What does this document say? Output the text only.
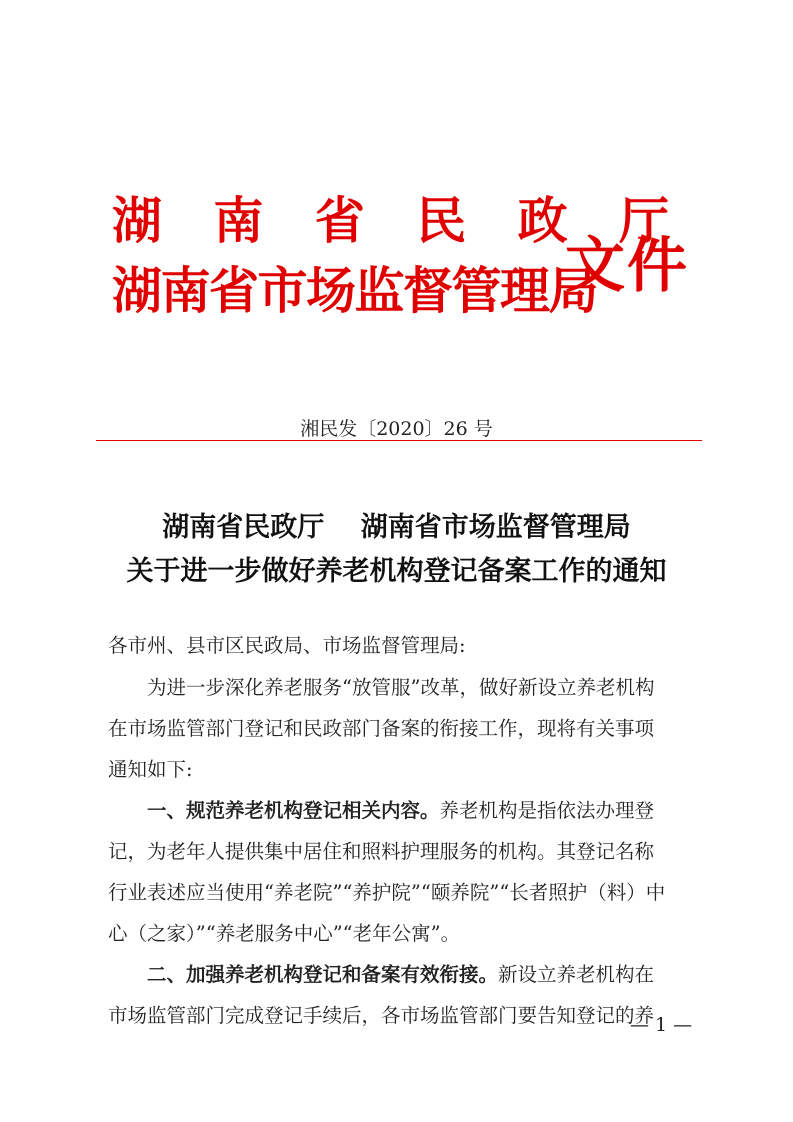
湖 南 省 民 政 厅
湖南省市场监督管理局
文件
湘民发〔2020〕26 号
湖南省民政厅　 湖南省市场监督管理局
关于进一步做好养老机构登记备案工作的通知
各市州、县市区民政局、市场监督管理局:
为进一步深化养老服务“放管服”改革，做好新设立养老机构
在市场监管部门登记和民政部门备案的衔接工作，现将有关事项
通知如下:
一、规范养老机构登记相关内容。养老机构是指依法办理登
记，为老年人提供集中居住和照料护理服务的机构。其登记名称
行业表述应当使用“养老院”“养护院”“颐养院”“长者照护（料）中
心（之家）”“养老服务中心”“老年公寓”。
二、加强养老机构登记和备案有效衔接。新设立养老机构在
市场监管部门完成登记手续后，各市场监管部门要告知登记的养
— 1 —
